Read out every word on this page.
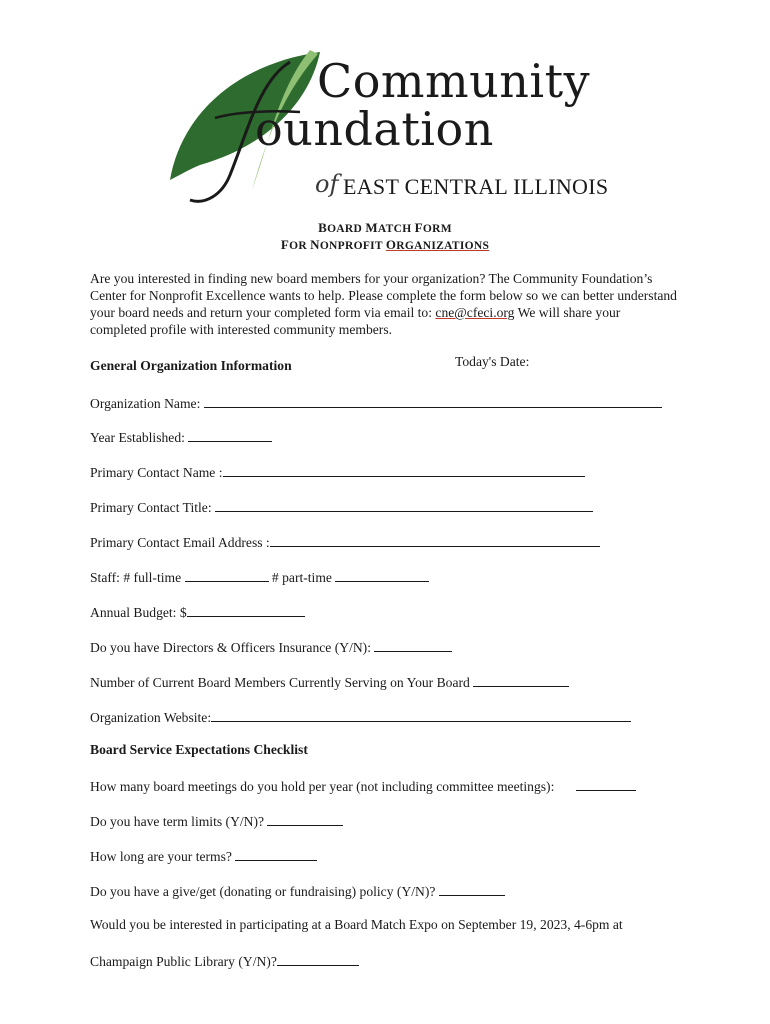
Community
oundation
of EAST CENTRAL ILLINOIS
BOARD MATCH FORM
FOR NONPROFIT ORGANIZATIONS
Are you interested in finding new board members for your organization? The Community Foundation’s Center for Nonprofit Excellence wants to help. Please complete the form below so we can better understand your board needs and return your completed form via email to: cne@cfeci.org We will share your completed profile with interested community members.
General Organization Information	Today's Date:
Organization Name:
Year Established:
Primary Contact Name :
Primary Contact Title:
Primary Contact Email Address :
Staff: # full-time	# part-time
Annual Budget: $
Do you have Directors & Officers Insurance (Y/N):
Number of Current Board Members Currently Serving on Your Board
Organization Website:
Board Service Expectations Checklist
How many board meetings do you hold per year (not including committee meetings):
Do you have term limits (Y/N)?
How long are your terms?
Do you have a give/get (donating or fundraising) policy (Y/N)?
Would you be interested in participating at a Board Match Expo on September 19, 2023, 4-6pm at
Champaign Public Library (Y/N)?
